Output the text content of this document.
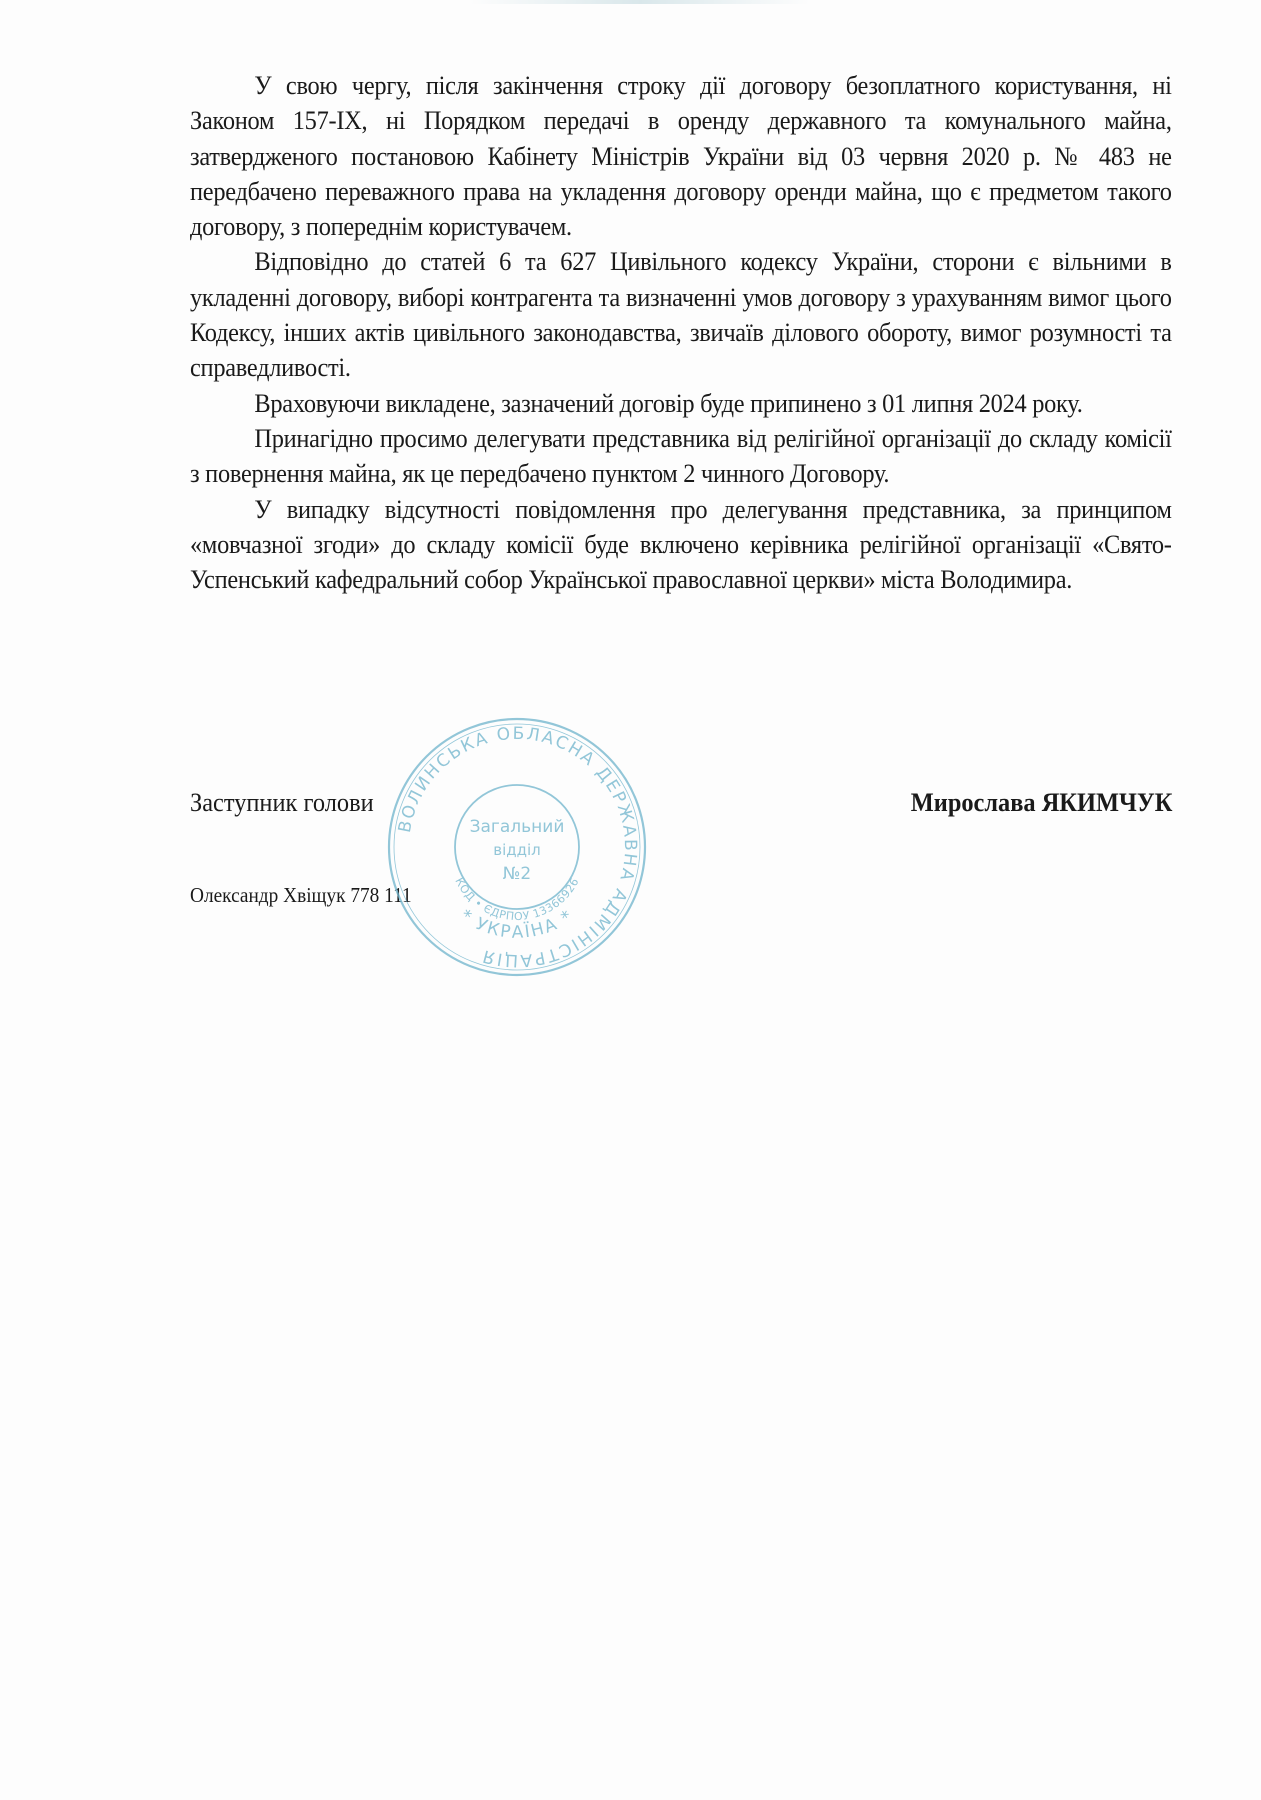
У свою чергу, після закінчення строку дії договору безоплатного користування, ні Законом 157-IX, ні Порядком передачі в оренду державного та комунального майна, затвердженого постановою Кабінету Міністрів України від 03 червня 2020 р. № 483 не передбачено переважного права на укладення договору оренди майна, що є предметом такого договору, з попереднім користувачем.

Відповідно до статей 6 та 627 Цивільного кодексу України, сторони є вільними в укладенні договору, виборі контрагента та визначенні умов договору з урахуванням вимог цього Кодексу, інших актів цивільного законодавства, звичаїв ділового обороту, вимог розумності та справедливості.

Враховуючи викладене, зазначений договір буде припинено з 01 липня 2024 року.

Принагідно просимо делегувати представника від релігійної організації до складу комісії з повернення майна, як це передбачено пунктом 2 чинного Договору.

У випадку відсутності повідомлення про делегування представника, за принципом «мовчазної згоди» до складу комісії буде включено керівника релігійної організації «Свято-Успенський кафедральний собор Української православної церкви» міста Володимира.

Заступник голови	Мирослава ЯКИМЧУК
Олександр Хвіщук 778 111
ВОЛИНСЬКА ОБЛАСНА ДЕРЖАВНА АДМІНІСТРАЦІЯ
* УКРАЇНА *
КОД • ЄДРПОУ 13366926
Загальний
відділ
№2
